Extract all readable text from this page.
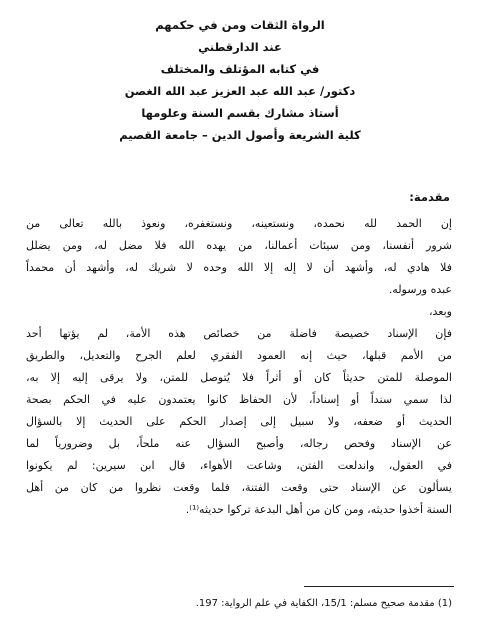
الرواة الثقات ومن في حكمهم
عند الدارقطني
في كتابه المؤتلف والمختلف
دكتور/ عبد الله عبد العزيز عبد الله الغصن
أستاذ مشارك بقسم السنة وعلومها
كلية الشريعة وأصول الدين – جامعة القصيم
مقدمة:
إن الحمد لله نحمده، ونستعينه، ونستغفره، ونعوذ بالله تعالى من
شرور أنفسنا، ومن سيئات أعمالنا، من يهده الله فلا مضل له، ومن يضلل
فلا هادي له، وأشهد أن لا إله إلا الله وحده لا شريك له، وأشهد أن محمداً
عبده ورسوله.
وبعد،
فإن الإسناد خصيصة فاضلة من خصائص هذه الأمة، لم يؤتها أحد
من الأمم قبلها، حيث إنه العمود الفقري لعلم الجرح والتعديل، والطريق
الموصلة للمتن حديثاً كان أو أثراً فلا يُتوصل للمتن، ولا يرقى إليه إلا به،
لذا سمي سنداً أو إسناداً، لأن الحفاظ كانوا يعتمدون عليه في الحكم بصحة
الحديث أو ضعفه، ولا سبيل إلى إصدار الحكم على الحديث إلا بالسؤال
عن الإسناد وفحص رجاله، وأصبح السؤال عنه ملحاً، بل وضرورياً لما
في العقول، واندلعت الفتن، وشاعت الأهواء، قال ابن سيرين: لم يكونوا
يسألون عن الإسناد حتى وقعت الفتنة، فلما وقعت نظروا من كان من أهل
السنة أخذوا حديثه، ومن كان من أهل البدعة تركوا حديثه⁽¹⁾.
(1) مقدمة صحيح مسلم: 15/1، الكفاية في علم الرواية: 197.
